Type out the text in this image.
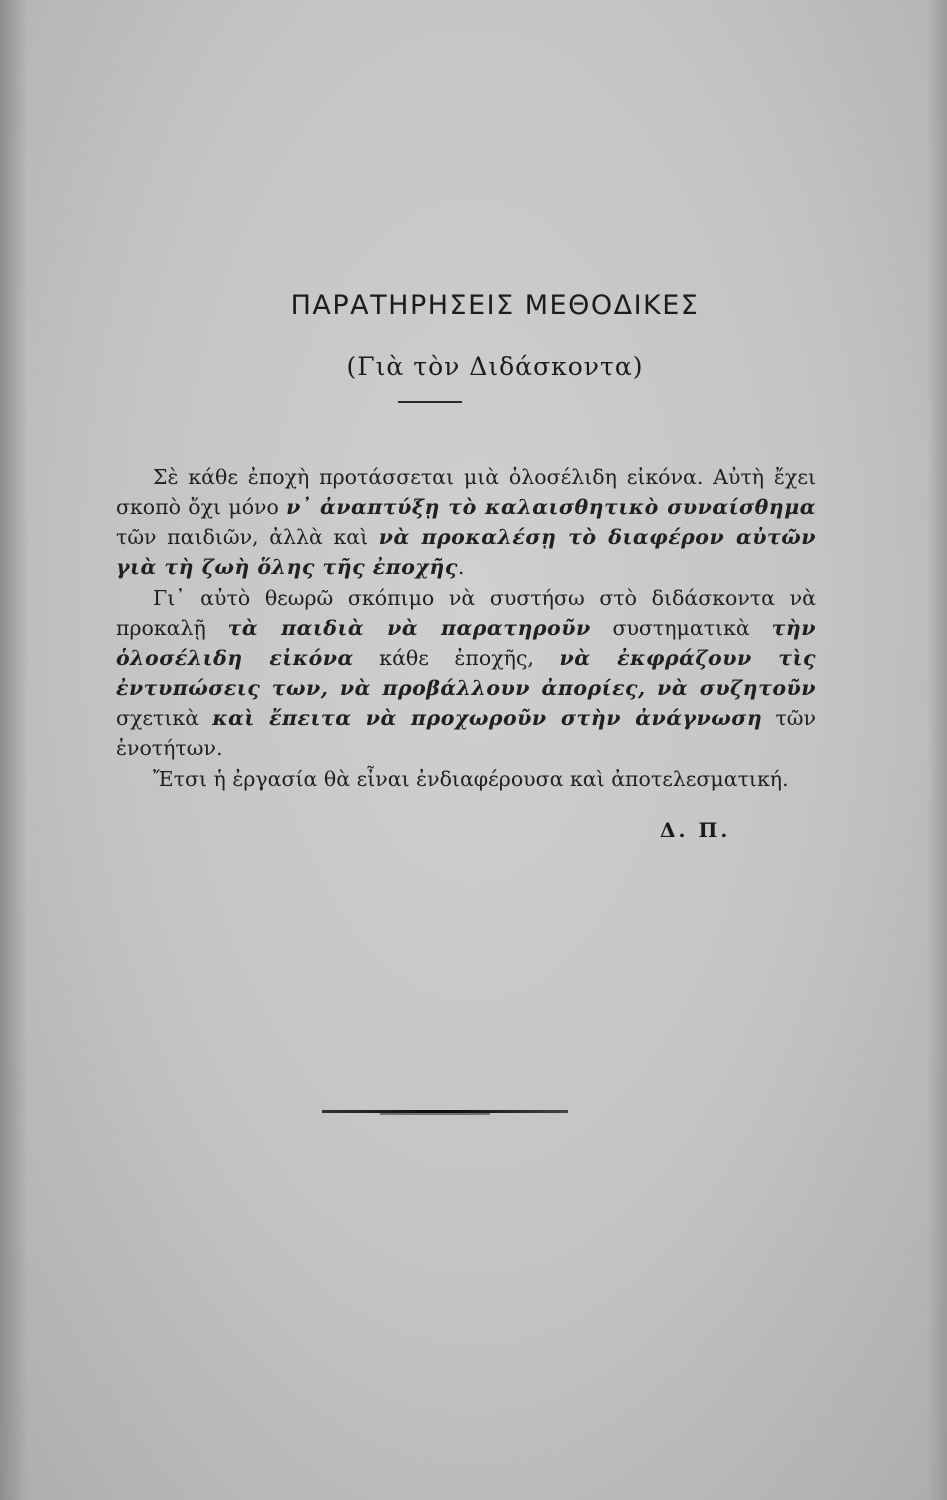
ΠΑΡΑΤΗΡΗΣΕΙΣ ΜΕΘΟΔΙΚΕΣ
(Γιὰ τὸν Διδάσκοντα)

Σὲ κάθε ἐποχὴ προτάσσεται μιὰ ὁλοσέλιδη εἰκόνα. Αὐτὴ ἔχει σκοπὸ ὄχι μόνο ν᾽ ἀναπτύξῃ τὸ καλαισθητικὸ συναίσθημα τῶν παιδιῶν, ἀλλὰ καὶ νὰ προκαλέσῃ τὸ διαφέρον αὐτῶν γιὰ τὴ ζωὴ ὅλης τῆς ἐποχῆς.

Γι᾽ αὐτὸ θεωρῶ σκόπιμο νὰ συστήσω στὸ διδάσκοντα νὰ προκαλῇ τὰ παιδιὰ νὰ παρατηροῦν συστηματικὰ τὴν ὁλοσέλιδη εἰκόνα κάθε ἐποχῆς, νὰ ἐκφράζουν τὶς ἐντυπώσεις των, νὰ προβάλλουν ἀπορίες, νὰ συζητοῦν σχετικὰ καὶ ἔπειτα νὰ προχωροῦν στὴν ἀνάγνωση τῶν ἑνοτήτων.

Ἔτσι ἡ ἐργασία θὰ εἶναι ἐνδιαφέρουσα καὶ ἀποτελεσματική.

Δ. Π.
